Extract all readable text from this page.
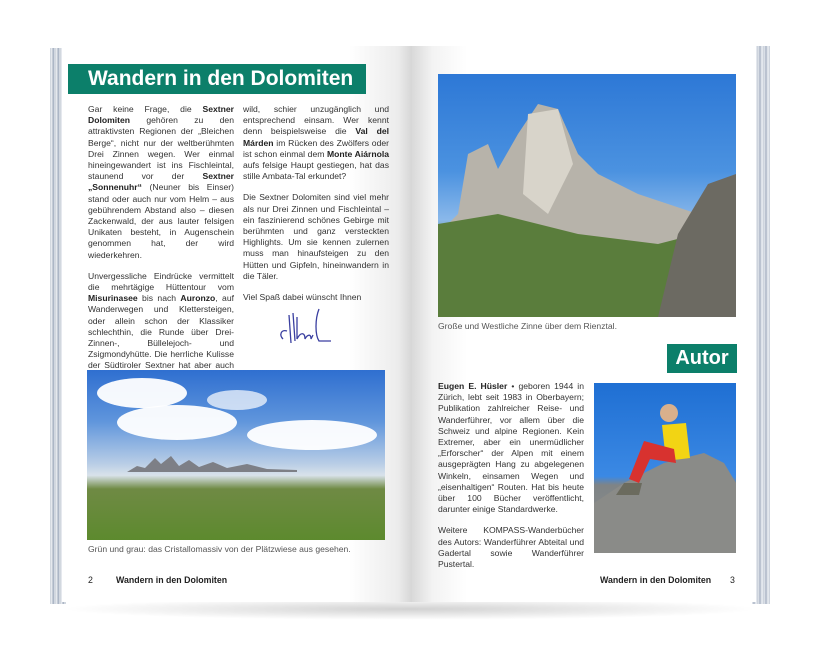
Wandern in den Dolomiten

Gar keine Frage, die Sextner Dolomiten gehören zu den attraktivsten Regionen der „Bleichen Berge“, nicht nur der weltberühmten Drei Zinnen wegen. Wer einmal hineingewandert ist ins Fischleintal, staunend vor der Sextner „Sonnenuhr“ (Neuner bis Einser) stand oder auch nur vom Helm – aus gebührendem Abstand also – diesen Zackenwald, der aus lauter felsigen Unikaten besteht, in Augenschein genommen hat, der wird wiederkehren.

Unvergessliche Eindrücke vermittelt die mehrtägige Hüttentour vom Misurinasee bis nach Auronzo, auf Wanderwegen und Klettersteigen, oder allein schon der Klassiker schlechthin, die Runde über Drei-Zinnen-, Büllelejoch- und Zsigmondyhütte. Die herrliche Kulisse der Südtiroler Sextner hat aber auch

wild, schier unzugänglich und entsprechend einsam. Wer kennt denn beispielsweise die Val del Márden im Rücken des Zwölfers oder ist schon einmal dem Monte Aiárnola aufs felsige Haupt gestiegen, hat das stille Ambata-Tal erkundet?

Die Sextner Dolomiten sind viel mehr als nur Drei Zinnen und Fischleintal – ein faszinierend schönes Gebirge mit berühmten und ganz versteckten Highlights. Um sie kennen zulernen muss man hinaufsteigen zu den Hütten und Gipfeln, hineinwandern in die Täler.

Viel Spaß dabei wünscht Ihnen

Grün und grau: das Cristallomassiv von der Plätzwiese aus gesehen.
Große und Westliche Zinne über dem Rienztal.
Autor

Eugen E. Hüsler • geboren 1944 in Zürich, lebt seit 1983 in Oberbayern; Publikation zahlreicher Reise- und Wanderführer, vor allem über die Schweiz und alpine Regionen. Kein Extremer, aber ein unermüdlicher „Erforscher“ der Alpen mit einem ausgeprägten Hang zu abgelegenen Winkeln, einsamen Wegen und „eisenhaltigen“ Routen. Hat bis heute über 100 Bücher veröffentlicht, darunter einige Standardwerke.

Weitere KOMPASS-Wanderbücher des Autors: Wanderführer Abteital und Gadertal sowie Wanderführer Pustertal.

2	Wandern in den Dolomiten	Wandern in den Dolomiten 3
